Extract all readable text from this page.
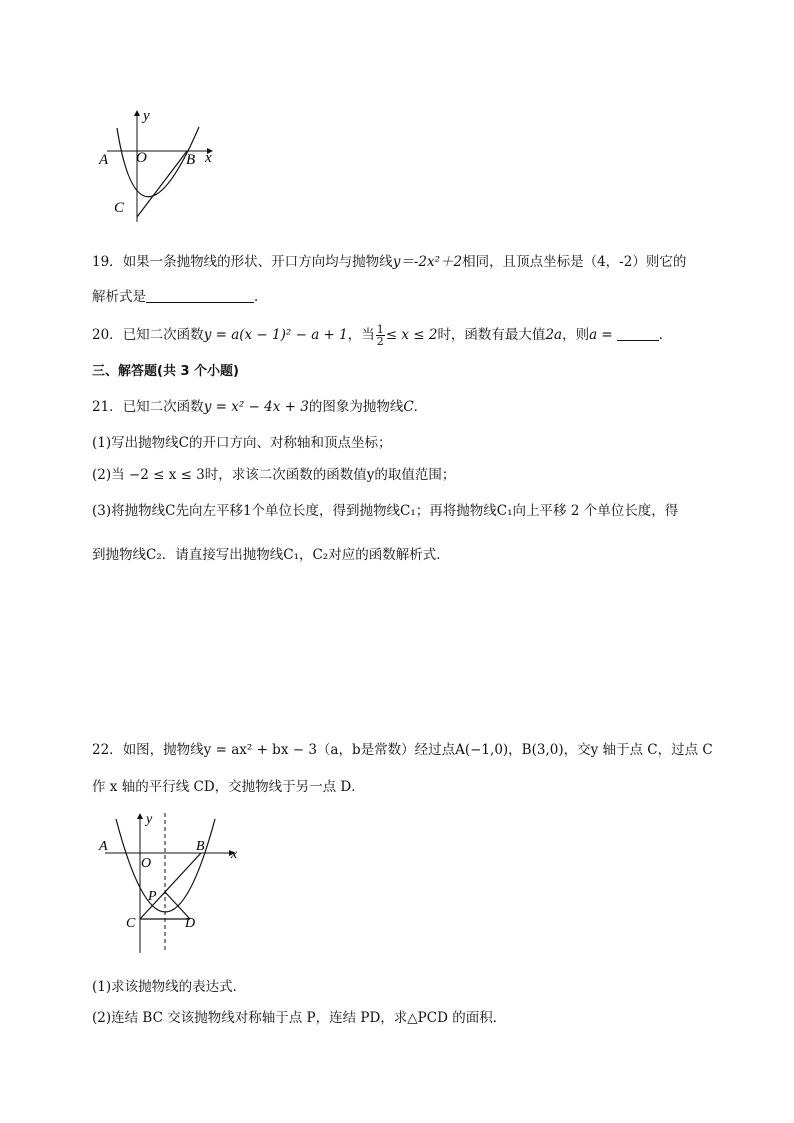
y
A O	B x
C
19．如果一条抛物线的形状、开口方向均与抛物线y＝-2x²＋2相同，且顶点坐标是（4，-2）则它的
解析式是	．
20．已知二次函数y = a(x − 1)² − a + 1，当 $\frac{1}{2} \le x \le 2$时，函数有最大值2a，则a =	．
三、解答题(共 3 个小题)
21．已知二次函数y = x² − 4x + 3的图象为抛物线C．
(1)写出抛物线C的开口方向、对称轴和顶点坐标；
(2)当 −2 ≤ x ≤ 3时，求该二次函数的函数值y的取值范围；
(3)将抛物线C先向左平移1个单位长度，得到抛物线C₁；再将抛物线C₁向上平移 2 个单位长度，得
到抛物线C₂．请直接写出抛物线C₁，C₂对应的函数解析式．
22．如图，抛物线y = ax² + bx − 3（a，b是常数）经过点A(−1,0)，B(3,0)，交y 轴于点 C，过点 C
作 x 轴的平行线 CD，交抛物线于另一点 D．
y
A	B
x
O
P
C	D
(1)求该抛物线的表达式．
(2)连结 BC 交该抛物线对称轴于点 P，连结 PD，求△PCD 的面积．
